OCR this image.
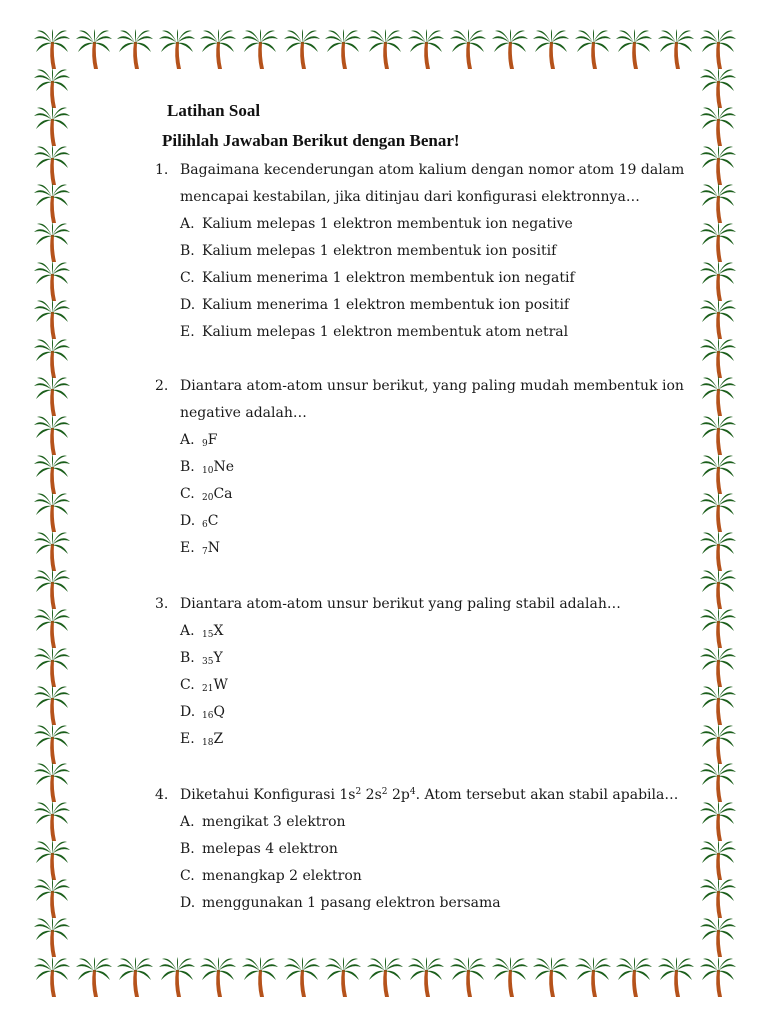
Latihan Soal
Pilihlah Jawaban Berikut dengan Benar!
1. Bagaimana kecenderungan atom kalium dengan nomor atom 19 dalam mencapai kestabilan, jika ditinjau dari konfigurasi elektronnya…
A. Kalium melepas 1 elektron membentuk ion negative
B. Kalium melepas 1 elektron membentuk ion positif
C. Kalium menerima 1 elektron membentuk ion negatif
D. Kalium menerima 1 elektron membentuk ion positif
E. Kalium melepas 1 elektron membentuk atom netral
2. Diantara atom-atom unsur berikut, yang paling mudah membentuk ion negative adalah…
A. $_9$F
B. $_{10}$Ne
C. $_{20}$Ca
D. $_6$C
E. $_7$N
3. Diantara atom-atom unsur berikut yang paling stabil adalah…
A. $_{15}$X
B. $_{35}$Y
C. $_{21}$W
D. $_{16}$Q
E. $_{18}$Z
4. Diketahui Konfigurasi $1s^2$ $2s^2$ $2p^4$. Atom tersebut akan stabil apabila…
A. mengikat 3 elektron
B. melepas 4 elektron
C. menangkap 2 elektron
D. menggunakan 1 pasang elektron bersama
